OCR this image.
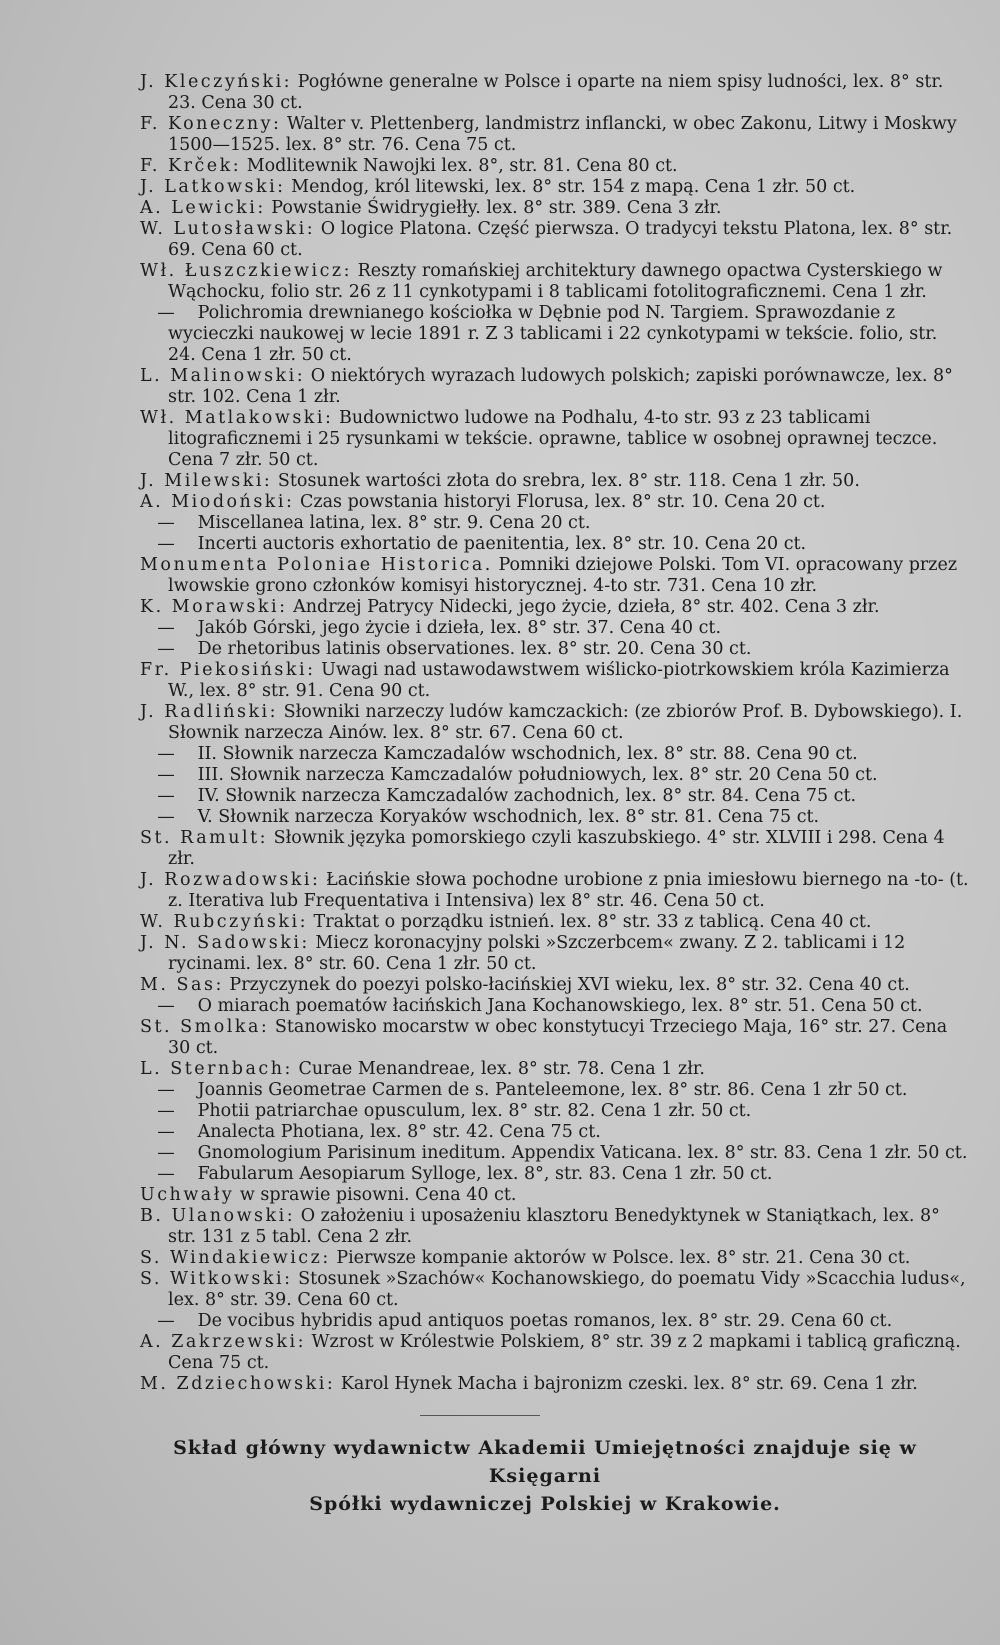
J. Kleczyński: Pogłówne generalne w Polsce i oparte na niem spisy ludności, lex. 8° str. 23. Cena 30 ct.

F. Koneczny: Walter v. Plettenberg, landmistrz inflancki, w obec Zakonu, Litwy i Moskwy 1500—1525. lex. 8° str. 76. Cena 75 ct.

F. Krček: Modlitewnik Nawojki lex. 8°, str. 81. Cena 80 ct.

J. Latkowski: Mendog, król litewski, lex. 8° str. 154 z mapą. Cena 1 złr. 50 ct.

A. Lewicki: Powstanie Świdrygiełły. lex. 8° str. 389. Cena 3 złr.

W. Lutosławski: O logice Platona. Część pierwsza. O tradycyi tekstu Platona, lex. 8° str. 69. Cena 60 ct.

Wł. Łuszczkiewicz: Reszty romańskiej architektury dawnego opactwa Cysterskiego w Wąchocku, folio str. 26 z 11 cynkotypami i 8 tablicami fotolitograficznemi. Cena 1 złr.

— Polichromia drewnianego kościołka w Dębnie pod N. Targiem. Sprawozdanie z wycieczki naukowej w lecie 1891 r. Z 3 tablicami i 22 cynkotypami w tekście. folio, str. 24. Cena 1 złr. 50 ct.

L. Malinowski: O niektórych wyrazach ludowych polskich; zapiski porównawcze, lex. 8° str. 102. Cena 1 złr.

Wł. Matlakowski: Budownictwo ludowe na Podhalu, 4-to str. 93 z 23 tablicami litograficznemi i 25 rysunkami w tekście. oprawne, tablice w osobnej oprawnej teczce. Cena 7 złr. 50 ct.

J. Milewski: Stosunek wartości złota do srebra, lex. 8° str. 118. Cena 1 złr. 50.

A. Miodoński: Czas powstania historyi Florusa, lex. 8° str. 10. Cena 20 ct.

— Miscellanea latina, lex. 8° str. 9. Cena 20 ct.

— Incerti auctoris exhortatio de paenitentia, lex. 8° str. 10. Cena 20 ct.

Monumenta Poloniae Historica. Pomniki dziejowe Polski. Tom VI. opracowany przez lwowskie grono członków komisyi historycznej. 4-to str. 731. Cena 10 złr.

K. Morawski: Andrzej Patrycy Nidecki, jego życie, dzieła, 8° str. 402. Cena 3 złr.

— Jakób Górski, jego życie i dzieła, lex. 8° str. 37. Cena 40 ct.

— De rhetoribus latinis observationes. lex. 8° str. 20. Cena 30 ct.

Fr. Piekosiński: Uwagi nad ustawodawstwem wiślicko-piotrkowskiem króla Kazimierza W., lex. 8° str. 91. Cena 90 ct.

J. Radliński: Słowniki narzeczy ludów kamczackich: (ze zbiorów Prof. B. Dybowskiego). I. Słownik narzecza Ainów. lex. 8° str. 67. Cena 60 ct.

— II. Słownik narzecza Kamczadalów wschodnich, lex. 8° str. 88. Cena 90 ct.

— III. Słownik narzecza Kamczadalów południowych, lex. 8° str. 20 Cena 50 ct.

— IV. Słownik narzecza Kamczadalów zachodnich, lex. 8° str. 84. Cena 75 ct.

— V. Słownik narzecza Koryaków wschodnich, lex. 8° str. 81. Cena 75 ct.

St. Ramult: Słownik języka pomorskiego czyli kaszubskiego. 4° str. XLVIII i 298. Cena 4 złr.

J. Rozwadowski: Łacińskie słowa pochodne urobione z pnia imiesłowu biernego na -to- (t. z. Iterativa lub Frequentativa i Intensiva) lex 8° str. 46. Cena 50 ct.

W. Rubczyński: Traktat o porządku istnień. lex. 8° str. 33 z tablicą. Cena 40 ct.

J. N. Sadowski: Miecz koronacyjny polski »Szczerbcem« zwany. Z 2. tablicami i 12 rycinami. lex. 8° str. 60. Cena 1 złr. 50 ct.

M. Sas: Przyczynek do poezyi polsko-łacińskiej XVI wieku, lex. 8° str. 32. Cena 40 ct.

— O miarach poematów łacińskich Jana Kochanowskiego, lex. 8° str. 51. Cena 50 ct.

St. Smolka: Stanowisko mocarstw w obec konstytucyi Trzeciego Maja, 16° str. 27. Cena 30 ct.

L. Sternbach: Curae Menandreae, lex. 8° str. 78. Cena 1 złr.

— Joannis Geometrae Carmen de s. Panteleemone, lex. 8° str. 86. Cena 1 złr 50 ct.

— Photii patriarchae opusculum, lex. 8° str. 82. Cena 1 złr. 50 ct.

— Analecta Photiana, lex. 8° str. 42. Cena 75 ct.

— Gnomologium Parisinum ineditum. Appendix Vaticana. lex. 8° str. 83. Cena 1 złr. 50 ct.

— Fabularum Aesopiarum Sylloge, lex. 8°, str. 83. Cena 1 złr. 50 ct.

Uchwały w sprawie pisowni. Cena 40 ct.

B. Ulanowski: O założeniu i uposażeniu klasztoru Benedyktynek w Staniątkach, lex. 8° str. 131 z 5 tabl. Cena 2 złr.

S. Windakiewicz: Pierwsze kompanie aktorów w Polsce. lex. 8° str. 21. Cena 30 ct.

S. Witkowski: Stosunek »Szachów« Kochanowskiego, do poematu Vidy »Scacchia ludus«, lex. 8° str. 39. Cena 60 ct.

— De vocibus hybridis apud antiquos poetas romanos, lex. 8° str. 29. Cena 60 ct.

A. Zakrzewski: Wzrost w Królestwie Polskiem, 8° str. 39 z 2 mapkami i tablicą graficzną. Cena 75 ct.

M. Zdziechowski: Karol Hynek Macha i bajronizm czeski. lex. 8° str. 69. Cena 1 złr.

Skład główny wydawnictw Akademii Umiejętności znajduje się w Księgarni
Spółki wydawniczej Polskiej w Krakowie.
